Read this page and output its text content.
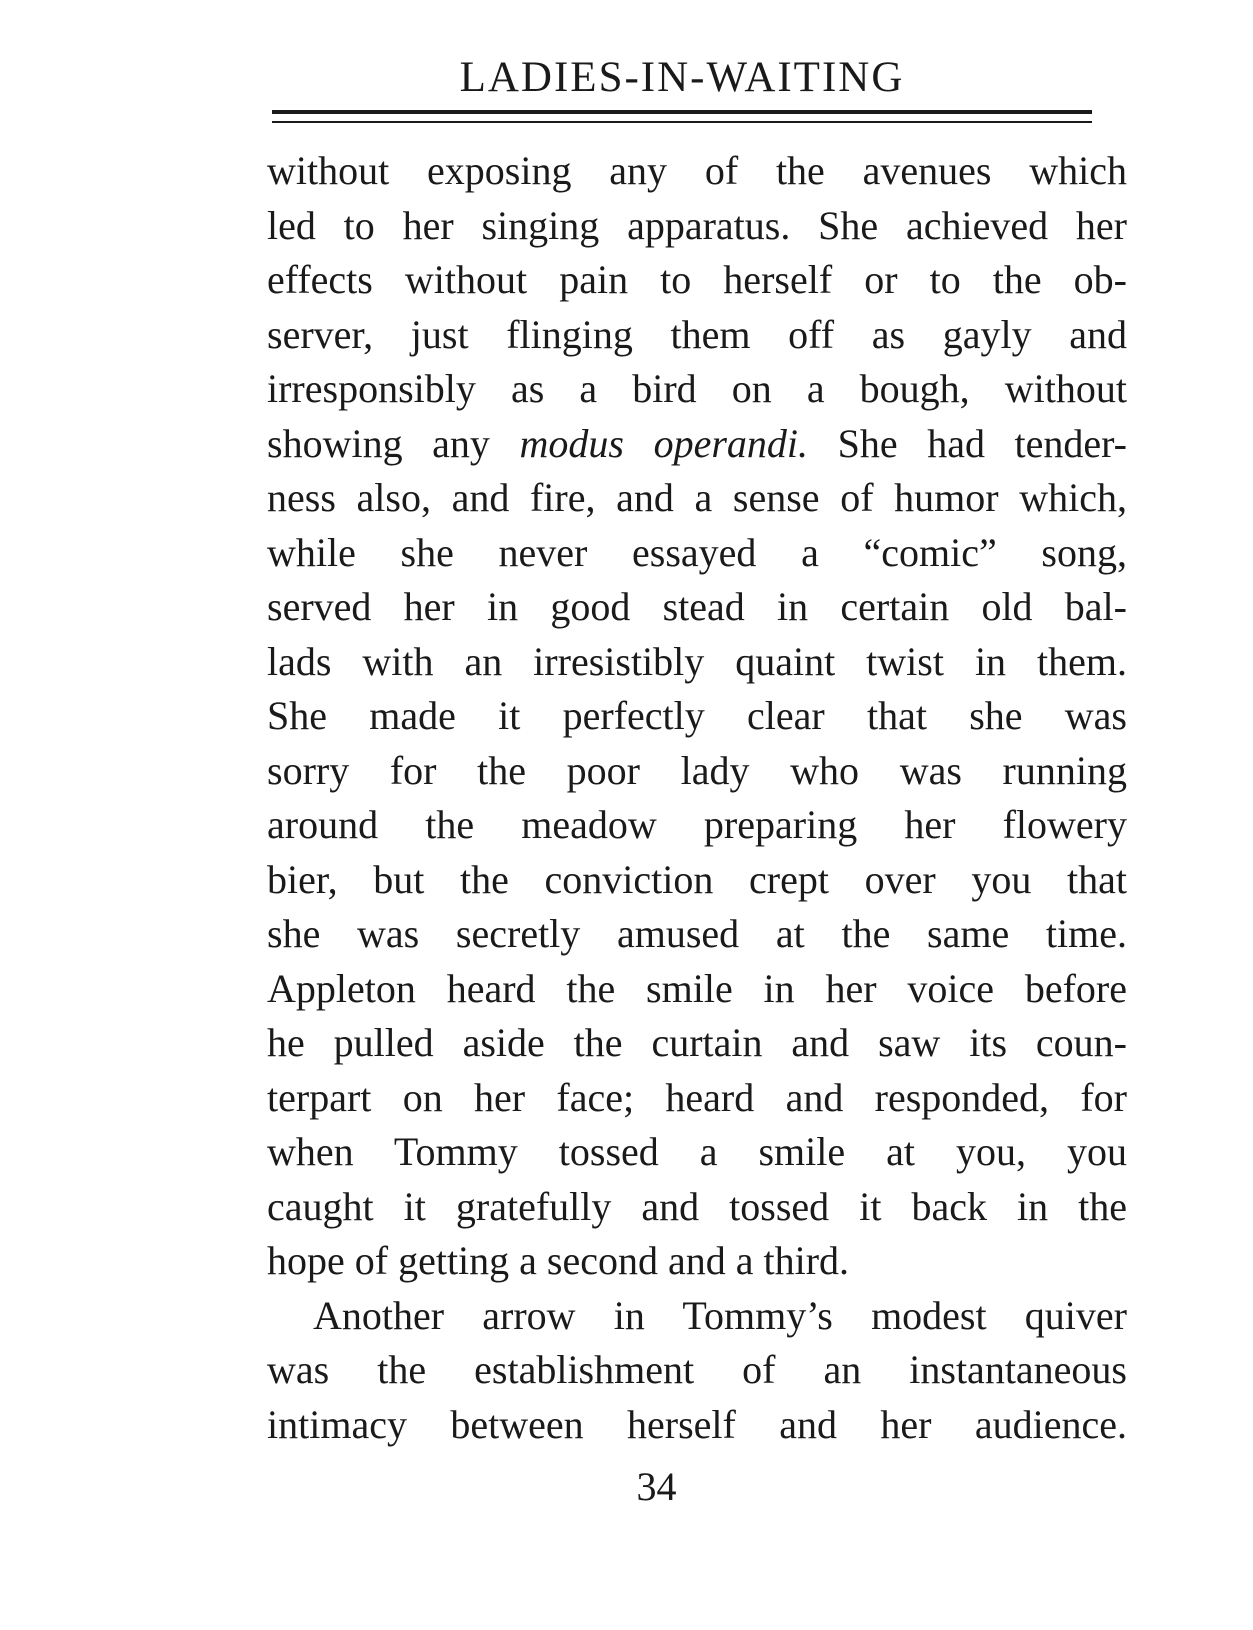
LADIES-IN-WAITING
without exposing any of the avenues which
led to her singing apparatus. She achieved her
effects without pain to herself or to the ob-
server, just flinging them off as gayly and
irresponsibly as a bird on a bough, without
showing any modus operandi. She had tender-
ness also, and fire, and a sense of humor which,
while she never essayed a “comic” song,
served her in good stead in certain old bal-
lads with an irresistibly quaint twist in them.
She made it perfectly clear that she was
sorry for the poor lady who was running
around the meadow preparing her flowery
bier, but the conviction crept over you that
she was secretly amused at the same time.
Appleton heard the smile in her voice before
he pulled aside the curtain and saw its coun-
terpart on her face; heard and responded, for
when Tommy tossed a smile at you, you
caught it gratefully and tossed it back in the
hope of getting a second and a third.
Another arrow in Tommy’s modest quiver
was the establishment of an instantaneous
intimacy between herself and her audience.
34
